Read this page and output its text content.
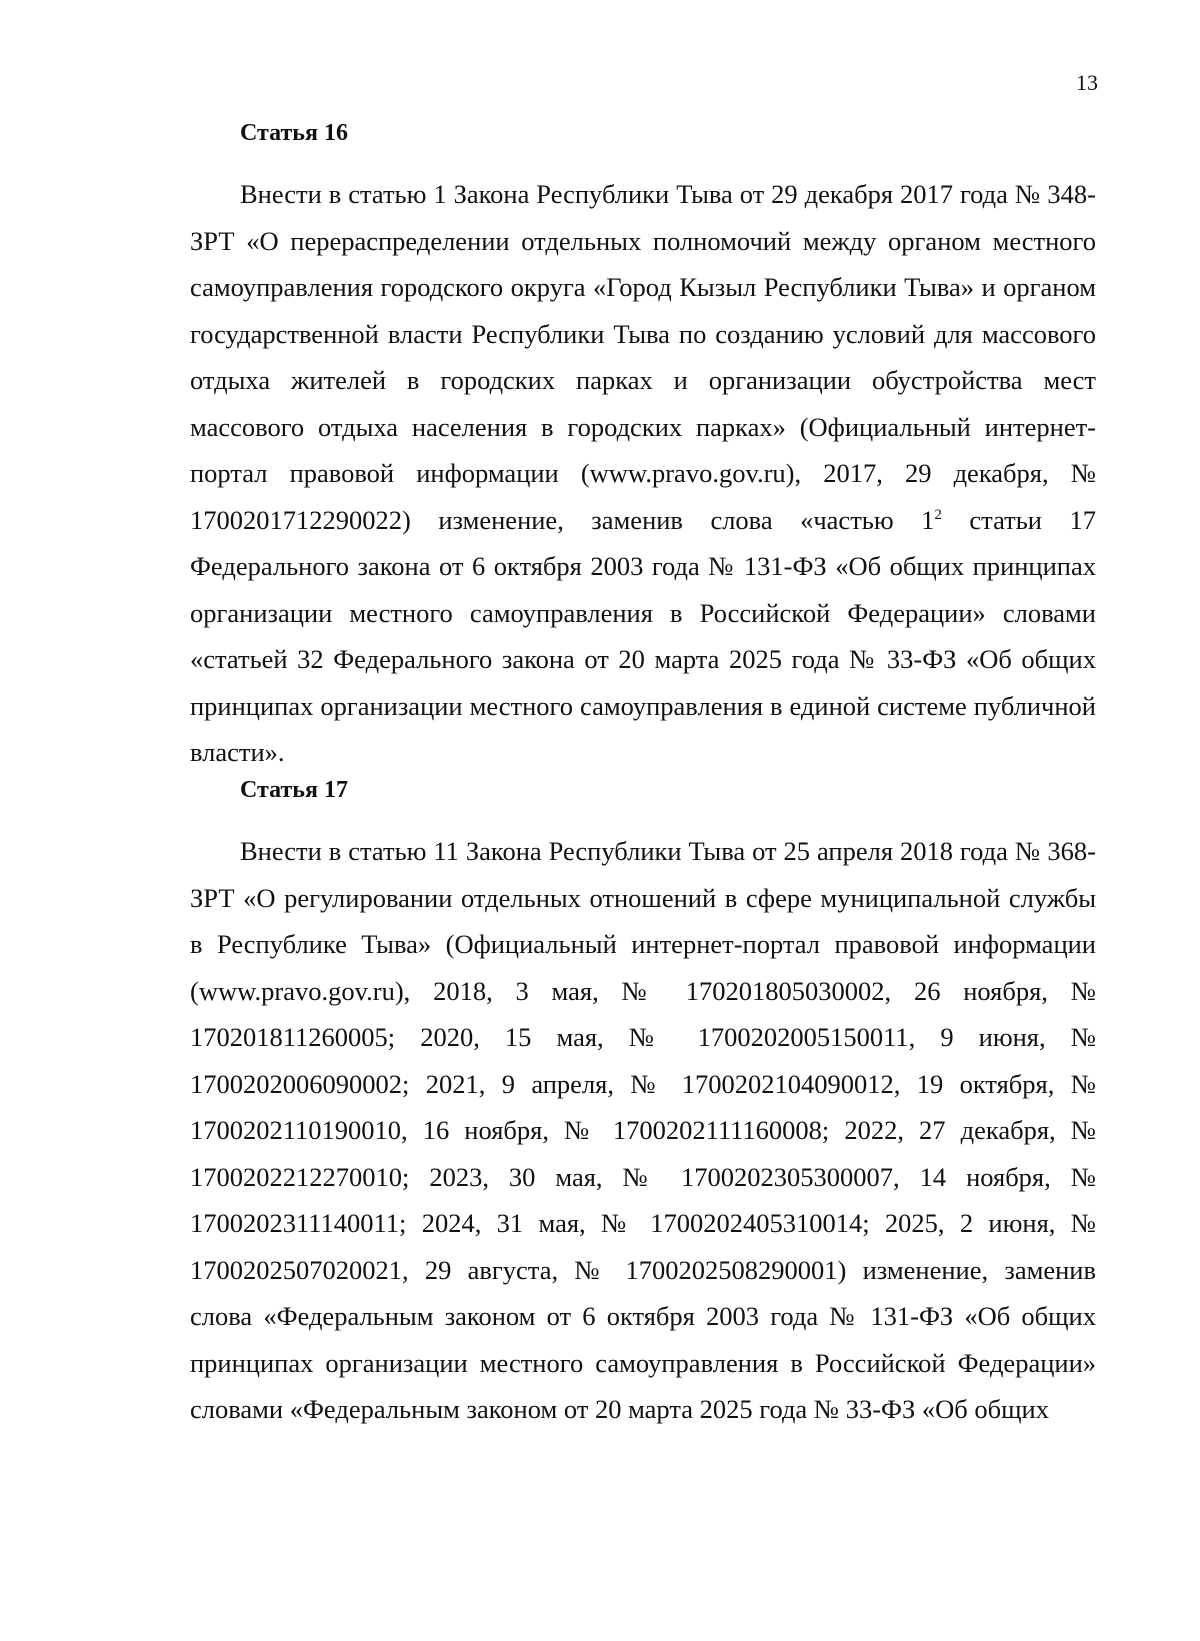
13
Статья 16

Внести в статью 1 Закона Республики Тыва от 29 декабря 2017 года № 348-ЗРТ «О перераспределении отдельных полномочий между органом местного самоуправления городского округа «Город Кызыл Республики Тыва» и органом государственной власти Республики Тыва по созданию условий для массового отдыха жителей в городских парках и организации обустройства мест массового отдыха населения в городских парках» (Официальный интернет-портал правовой информации (www.pravo.gov.ru), 2017, 29 декабря, № 1700201712290022) изменение, заменив слова «частью $1^2$ статьи 17 Федерального закона от 6 октября 2003 года № 131-ФЗ «Об общих принципах организации местного самоуправления в Российской Федерации» словами «статьей 32 Федерального закона от 20 марта 2025 года № 33-ФЗ «Об общих принципах организации местного самоуправления в единой системе публичной власти».

Статья 17

Внести в статью 11 Закона Республики Тыва от 25 апреля 2018 года № 368-ЗРТ «О регулировании отдельных отношений в сфере муниципальной службы в Республике Тыва» (Официальный интернет-портал правовой информации (www.pravo.gov.ru), 2018, 3 мая, № 170201805030002, 26 ноября, № 170201811260005; 2020, 15 мая, № 1700202005150011, 9 июня, № 1700202006090002; 2021, 9 апреля, № 1700202104090012, 19 октября, № 1700202110190010, 16 ноября, № 1700202111160008; 2022, 27 декабря, № 1700202212270010; 2023, 30 мая, № 1700202305300007, 14 ноября, № 1700202311140011; 2024, 31 мая, № 1700202405310014; 2025, 2 июня, № 1700202507020021, 29 августа, № 1700202508290001) изменение, заменив слова «Федеральным законом от 6 октября 2003 года № 131-ФЗ «Об общих принципах организации местного самоуправления в Российской Федерации» словами «Федеральным законом от 20 марта 2025 года № 33-ФЗ «Об общих
